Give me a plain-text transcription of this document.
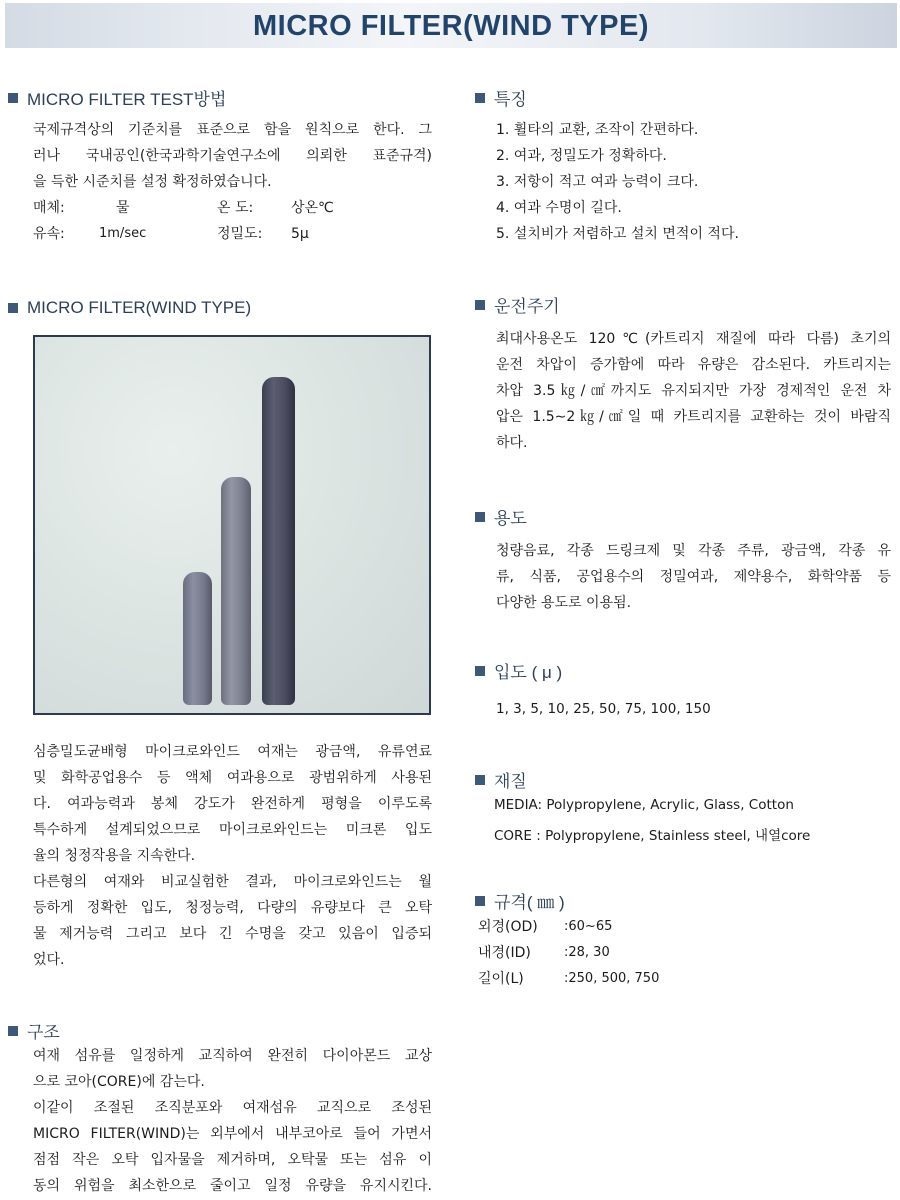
MICRO FILTER(WIND TYPE)
MICRO FILTER TEST방법
국제규격상의 기준치를 표준으로 함을 원칙으로 한다. 그
러나 국내공인(한국과학기술연구소에 의뢰한 표준규격)
을 득한 시준치를 설정 확정하였습니다.
매체:	물	온 도:	상온℃
유속:	1m/sec	정밀도: 5μ
MICRO FILTER(WIND TYPE)
심층밀도균배형 마이크로와인드 여재는 광금액, 유류연료
및 화학공업용수 등 액체 여과용으로 광범위하게 사용된
다. 여과능력과 봉체 강도가 완전하게 평형을 이루도록
특수하게 설계되었으므로 마이크로와인드는 미크론 입도
율의 청정작용을 지속한다.
다른형의 여재와 비교실험한 결과, 마이크로와인드는 월
등하게 정확한 입도, 청정능력, 다량의 유량보다 큰 오탁
물 제거능력 그리고 보다 긴 수명을 갖고 있음이 입증되
었다.
구조
여재 섬유를 일정하게 교직하여 완전히 다이아몬드 교상
으로 코아(CORE)에 감는다.
이같이 조절된 조직분포와 여재섬유 교직으로 조성된
MICRO FILTER(WIND)는 외부에서 내부코아로 들어 가면서
점점 작은 오탁 입자물을 제거하며, 오탁물 또는 섬유 이
동의 위험을 최소한으로 줄이고 일정 유량을 유지시킨다.
특징
1. 휠타의 교환, 조작이 간편하다.
2. 여과, 정밀도가 정확하다.
3. 저항이 적고 여과 능력이 크다.
4. 여과 수명이 길다.
5. 설치비가 저렴하고 설치 면적이 적다.
운전주기
최대사용온도 120℃(카트리지 재질에 따라 다름) 초기의
운전 차압이 증가함에 따라 유량은 감소된다. 카트리지는
차압 3.5㎏/㎠까지도 유지되지만 가장 경제적인 운전 차
압은 1.5∼2㎏/㎠일 때 카트리지를 교환하는 것이 바람직
하다.
용도
청량음료, 각종 드링크제 및 각종 주류, 광금액, 각종 유
류, 식품, 공업용수의 정밀여과, 제약용수, 화학약품 등
다양한 용도로 이용됨.
입도 ( μ )
1, 3, 5, 10, 25, 50, 75, 100, 150
재질
MEDIA: Polypropylene, Acrylic, Glass, Cotton
CORE : Polypropylene, Stainless steel, 내열core
규격( ㎜ )
외경(OD) :60~65
내경(ID)	:28, 30
길이(L)	:250, 500, 750
